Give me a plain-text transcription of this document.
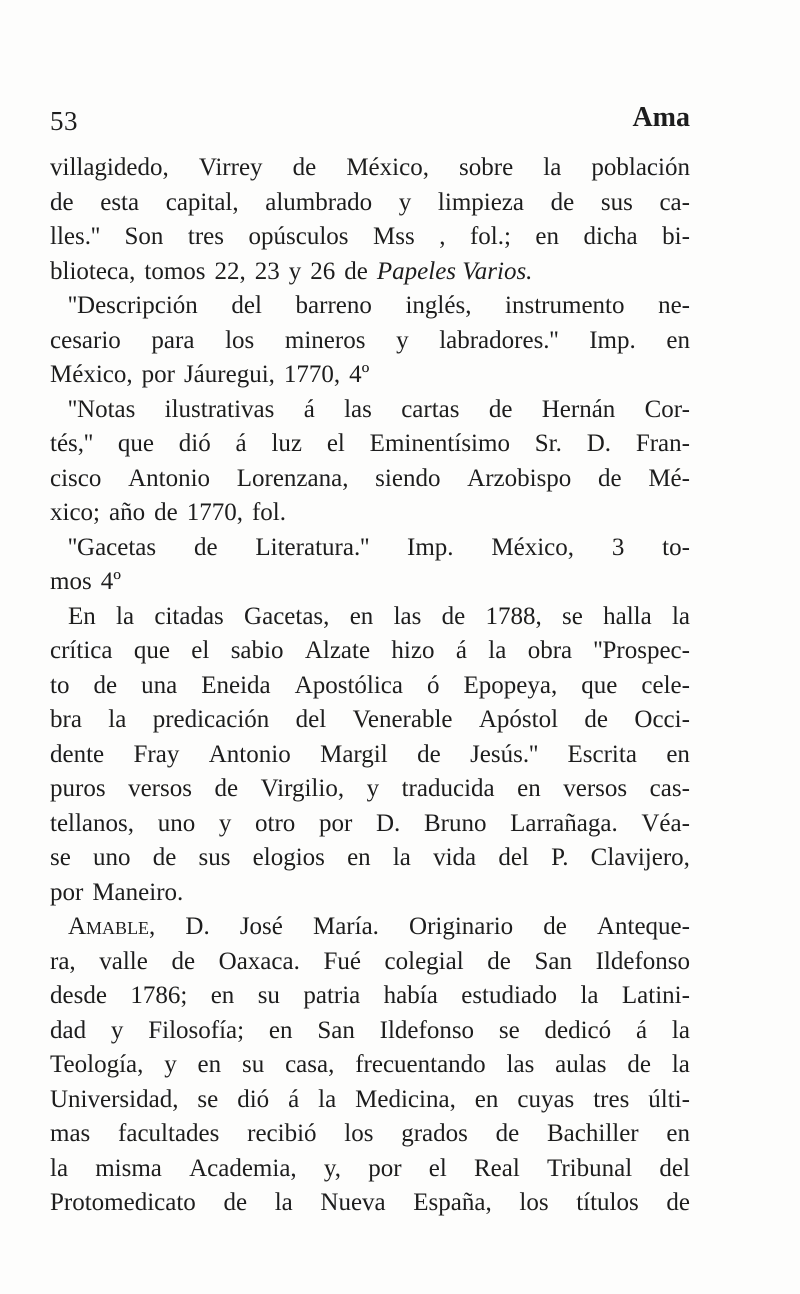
53	Ama
villagidedo, Virrey de México, sobre la población
de esta capital, alumbrado y limpieza de sus ca-
lles.'' Son tres opúsculos Mss , fol.; en dicha bi-
blioteca, tomos 22, 23 y 26 de Papeles Varios.
''Descripción del barreno inglés, instrumento ne-
cesario para los mineros y labradores.'' Imp. en
México, por Jáuregui, 1770, 4º
''Notas ilustrativas á las cartas de Hernán Cor-
tés,'' que dió á luz el Eminentísimo Sr. D. Fran-
cisco Antonio Lorenzana, siendo Arzobispo de Mé-
xico; año de 1770, fol.
''Gacetas de Literatura.'' Imp. México, 3 to-
mos 4º
En la citadas Gacetas, en las de 1788, se halla la
crítica que el sabio Alzate hizo á la obra ''Prospec-
to de una Eneida Apostólica ó Epopeya, que cele-
bra la predicación del Venerable Apóstol de Occi-
dente Fray Antonio Margil de Jesús.'' Escrita en
puros versos de Virgilio, y traducida en versos cas-
tellanos, uno y otro por D. Bruno Larrañaga. Véa-
se uno de sus elogios en la vida del P. Clavijero,
por Maneiro.
Amable, D. José María. Originario de Anteque-
ra, valle de Oaxaca. Fué colegial de San Ildefonso
desde 1786; en su patria había estudiado la Latini-
dad y Filosofía; en San Ildefonso se dedicó á la
Teología, y en su casa, frecuentando las aulas de la
Universidad, se dió á la Medicina, en cuyas tres últi-
mas facultades recibió los grados de Bachiller en
la misma Academia, y, por el Real Tribunal del
Protomedicato de la Nueva España, los títulos de
